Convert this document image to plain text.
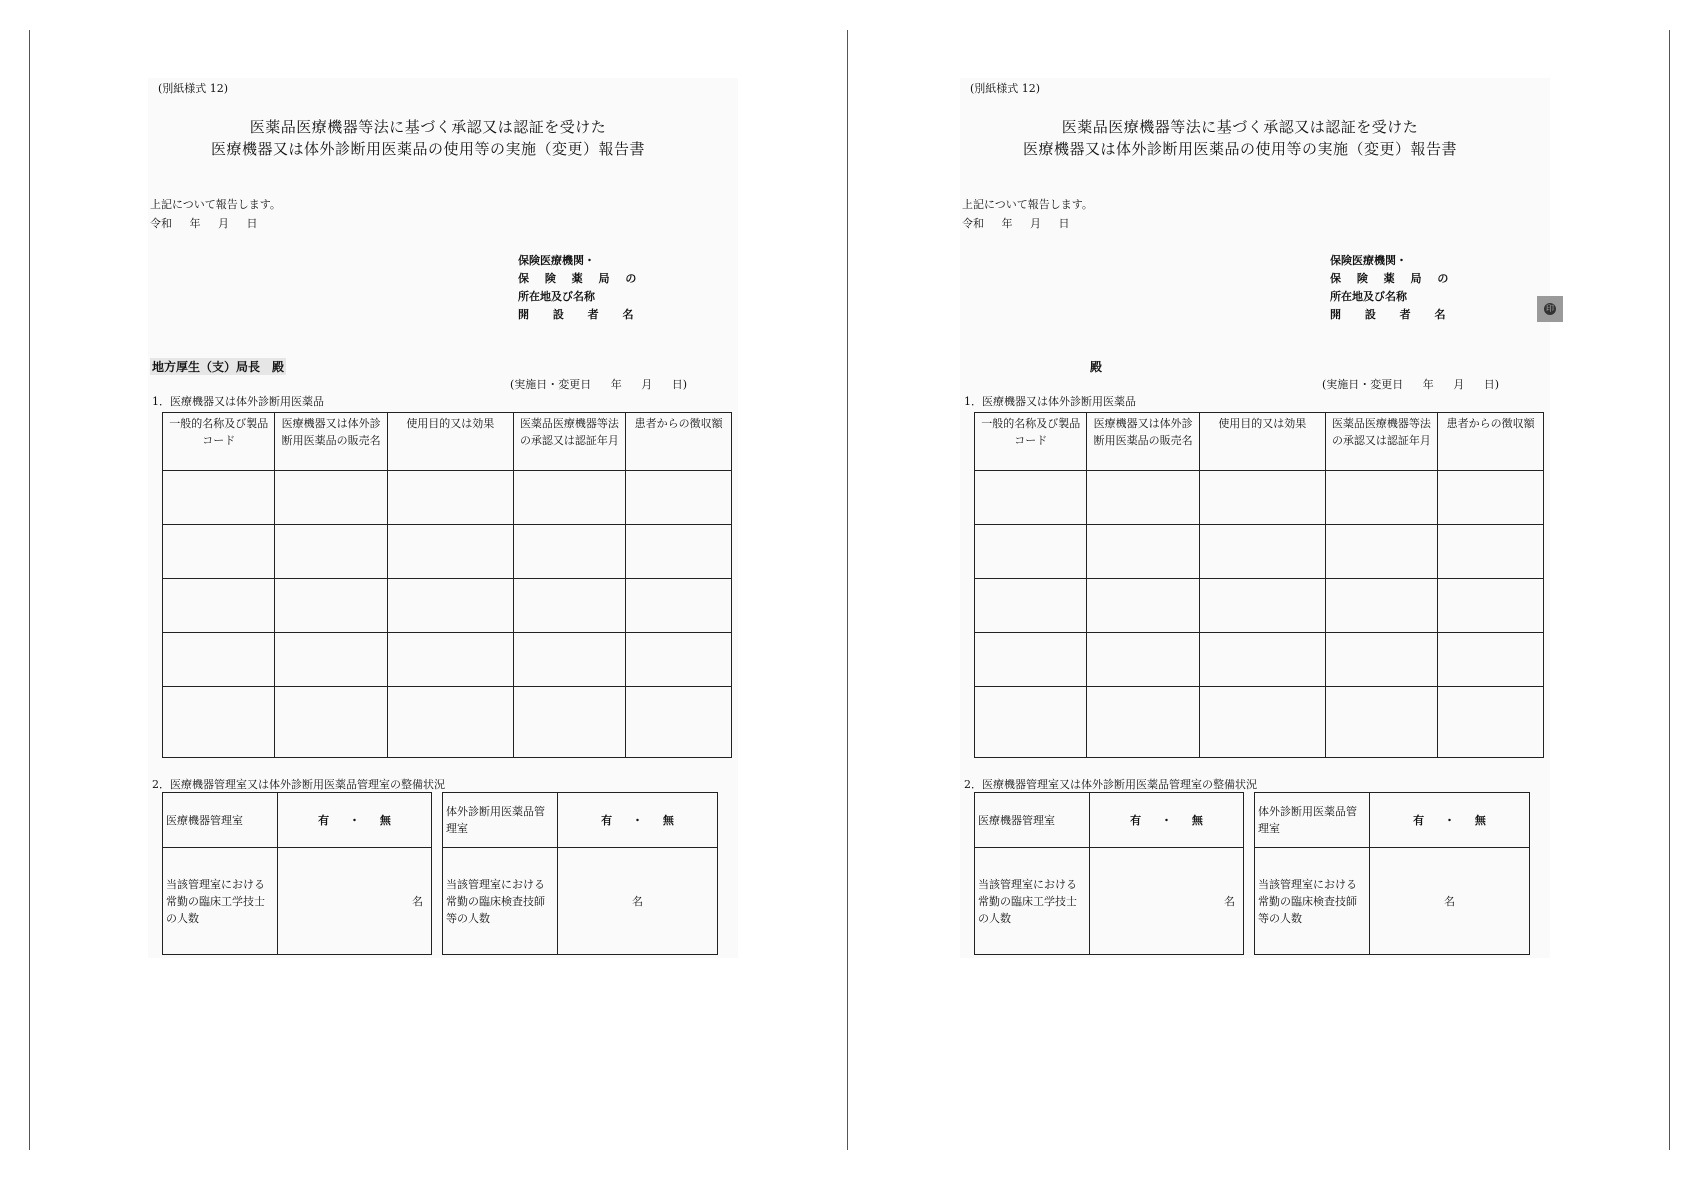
(別紙様式 12)
医薬品医療機器等法に基づく承認又は認証を受けた
医療機器又は体外診断用医薬品の使用等の実施（変更）報告書
上記について報告します。
令和 年 月 日
保険医療機関・
保 険 薬 局 の
所在地及び名称
開 設 者 名
地方厚生（支）局長　殿
(実施日・変更日 年 月 日)
1．医療機器又は体外診断用医薬品
一般的名称及び製品コード	医療機器又は体外診断用医薬品の販売名	使用目的又は効果	医薬品医療機器等法の承認又は認証年月	患者からの徴収額

2．医療機器管理室又は体外診断用医薬品管理室の整備状況
医療機器管理室	有 ・ 無
当該管理室における常勤の臨床工学技士の人数	名
体外診断用医薬品管理室	有 ・ 無
当該管理室における常勤の臨床検査技師等の人数	名
(別紙様式 12)
医薬品医療機器等法に基づく承認又は認証を受けた
医療機器又は体外診断用医薬品の使用等の実施（変更）報告書
上記について報告します。
令和 年 月 日
保険医療機関・
保 険 薬 局 の
所在地及び名称
開 設 者 名	印
殿
(実施日・変更日 年 月 日)
1．医療機器又は体外診断用医薬品
一般的名称及び製品コード	医療機器又は体外診断用医薬品の販売名	使用目的又は効果	医薬品医療機器等法の承認又は認証年月	患者からの徴収額

2．医療機器管理室又は体外診断用医薬品管理室の整備状況
医療機器管理室	有 ・ 無
当該管理室における常勤の臨床工学技士の人数	名
体外診断用医薬品管理室	有 ・ 無
当該管理室における常勤の臨床検査技師等の人数	名
